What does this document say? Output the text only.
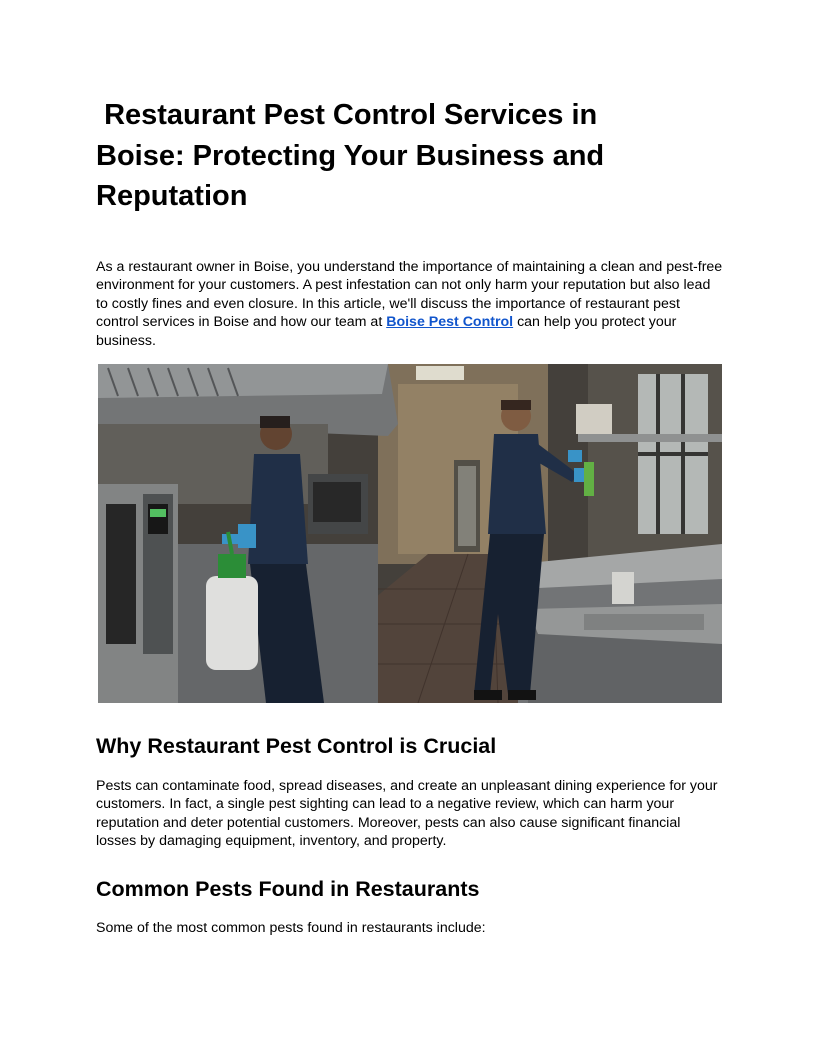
Restaurant Pest Control Services in
Boise: Protecting Your Business and
Reputation

As a restaurant owner in Boise, you understand the importance of maintaining a clean and pest-free environment for your customers. A pest infestation can not only harm your reputation but also lead to costly fines and even closure. In this article, we'll discuss the importance of restaurant pest control services in Boise and how our team at Boise Pest Control can help you protect your business.

Why Restaurant Pest Control is Crucial

Pests can contaminate food, spread diseases, and create an unpleasant dining experience for your customers. In fact, a single pest sighting can lead to a negative review, which can harm your reputation and deter potential customers. Moreover, pests can also cause significant financial losses by damaging equipment, inventory, and property.

Common Pests Found in Restaurants

Some of the most common pests found in restaurants include:
